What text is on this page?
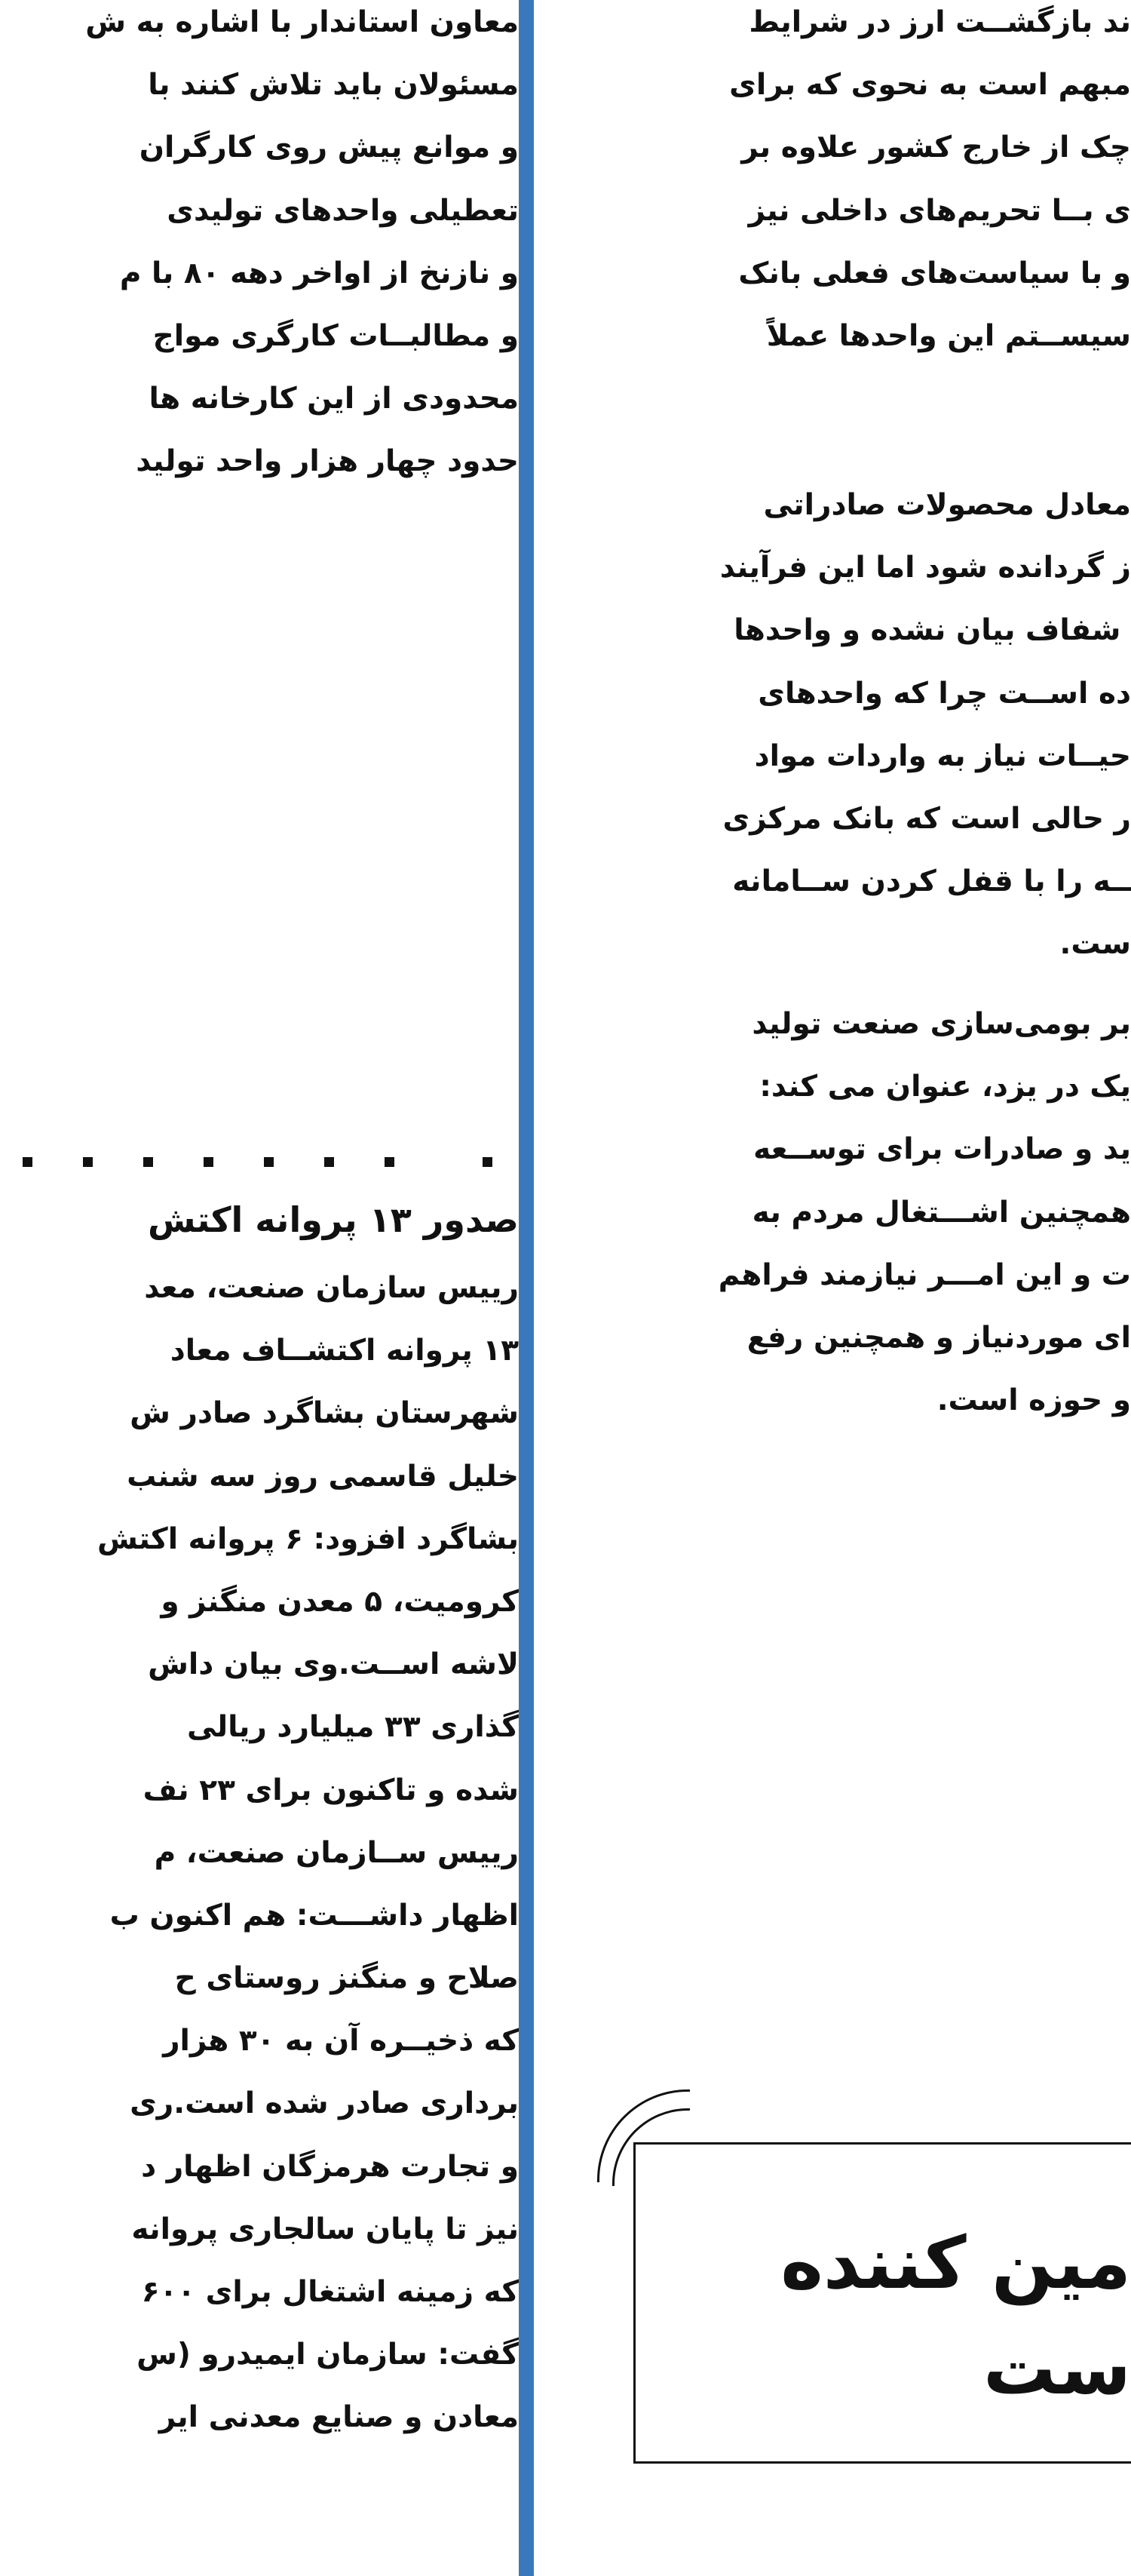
معاون استاندار با اشاره به ش
مسئولان باید تلاش کنند با
و موانع پیش روی کارگران
تعطیلی واحدهای تولیدی
و نازنخ از اواخر دهه ۸۰ با م
و مطالبــات کارگری مواج
محدودی از این کارخانه ها
حدود چهار هزار واحد تولید
صدور ۱۳ پروانه اکتش
رییس سازمان صنعت، معد
۱۳ پروانه اکتشــاف معاد
شهرستان بشاگرد صادر ش
خلیل قاسمی روز سه شنب
بشاگرد افزود: ۶ پروانه اکتش
کرومیت، ۵ معدن منگنز و
لاشه اســت.وی بیان داش
گذاری ۳۳ میلیارد ریالی
شده و تاکنون برای ۲۳ نف
رییس ســازمان صنعت، م
اظهار داشـــت: هم اکنون ب
صلاح و منگنز روستای ح
که ذخیــره آن به ۳۰ هزار
برداری صادر شده است.ری
و تجارت هرمزگان اظهار د
نیز تا پایان سالجاری پروانه
که زمینه اشتغال برای ۶۰۰
گفت: سازمان ایمیدرو (س
معادن و صنایع معدنی ایر
ند بازگشــت ارز در شرایط
مبهم است به نحوی که برای
چک از خارج کشور علاوه بر
ی بــا تحریم‌های داخلی نیز
و با سیاست‌های فعلی بانک
سیســتم این واحدها عملاً
معادل محصولات صادراتی
ز گردانده شود اما این فرآیند
ٔ شفاف بیان نشده و واحدها
ده اســت چرا که واحدهای
حیــات نیاز به واردات مواد
ر حالی است که بانک مرکزی
ــه را با قفل کردن ســامانه
ست.
بر بومی‌سازی صنعت تولید
یک در یزد، عنوان می کند:
ید و صادرات برای توســعه
همچنین اشـــتغال مردم به
ت و این امـــر نیازمند فراهم
ای موردنیاز و همچنین رفع
و حوزه است.
مین کننده
ست
